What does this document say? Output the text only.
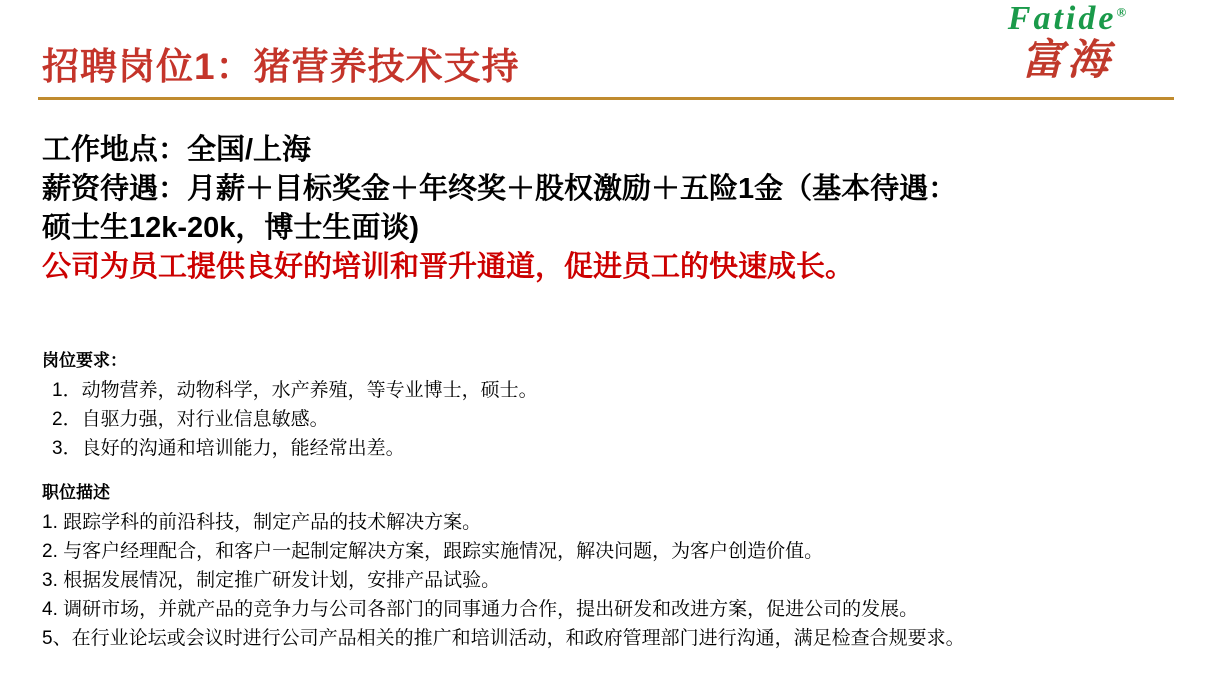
Fatide®
富海
招聘岗位1：猪营养技术支持
工作地点：全国/上海
薪资待遇：月薪＋目标奖金＋年终奖＋股权激励＋五险1金（基本待遇：
硕士生12k-20k，博士生面谈)
公司为员工提供良好的培训和晋升通道，促进员工的快速成长。
岗位要求：
1．动物营养，动物科学，水产养殖，等专业博士，硕士。
2．自驱力强，对行业信息敏感。
3．良好的沟通和培训能力，能经常出差。
职位描述
1. 跟踪学科的前沿科技，制定产品的技术解决方案。
2. 与客户经理配合，和客户一起制定解决方案，跟踪实施情况，解决问题，为客户创造价值。
3. 根据发展情况，制定推广研发计划，安排产品试验。
4. 调研市场，并就产品的竞争力与公司各部门的同事通力合作，提出研发和改进方案，促进公司的发展。
5、在行业论坛或会议时进行公司产品相关的推广和培训活动，和政府管理部门进行沟通，满足检查合规要求。
